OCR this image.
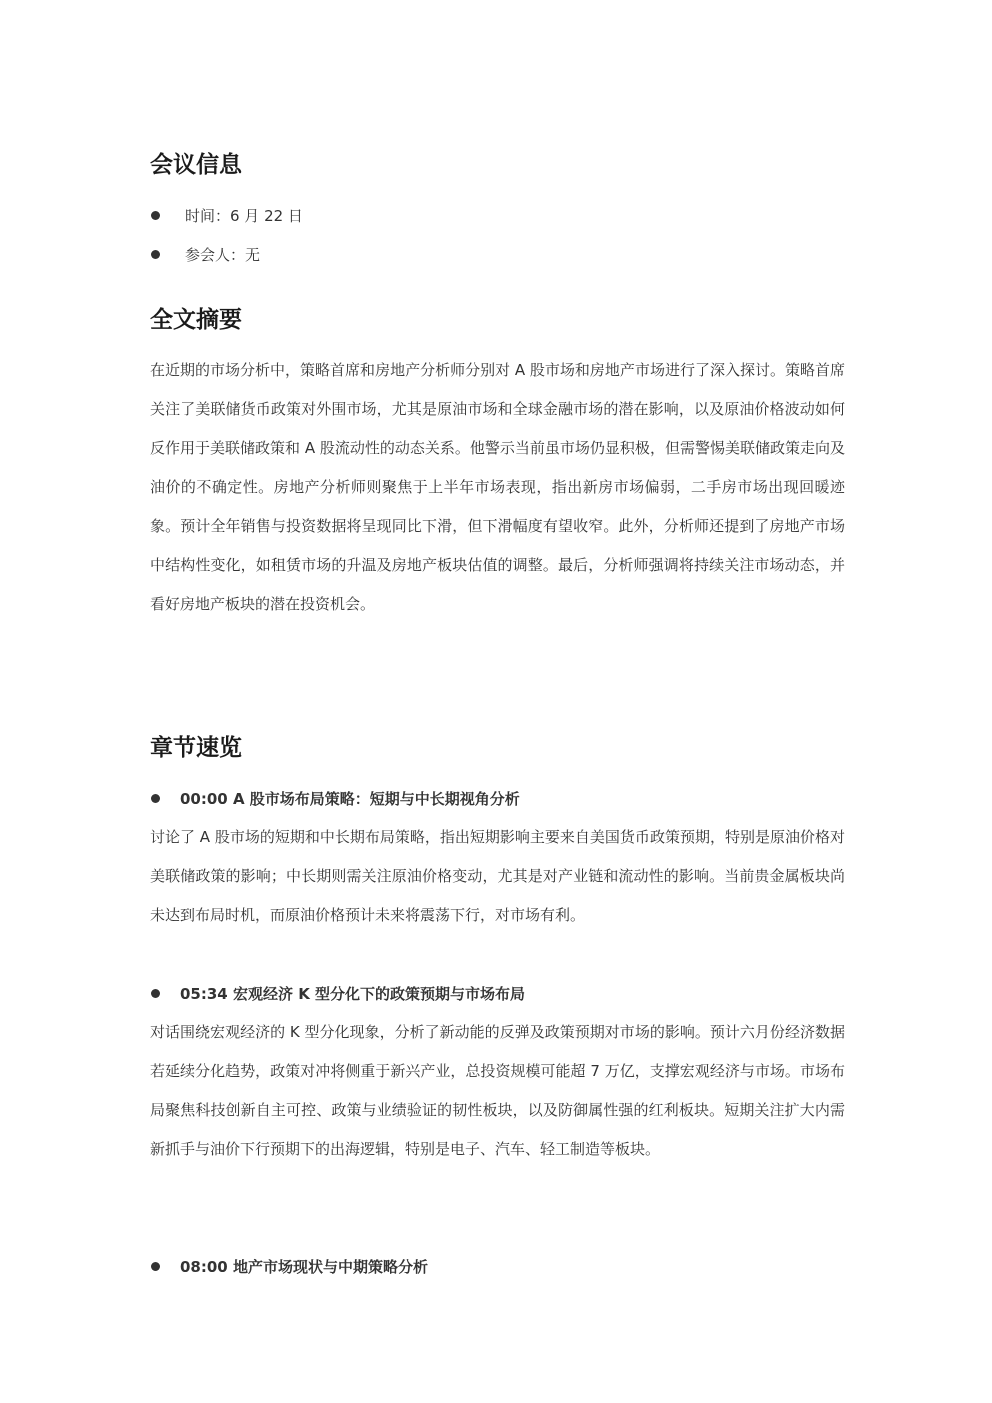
会议信息
时间：6 月 22 日
参会人：无
全文摘要

在近期的市场分析中，策略首席和房地产分析师分别对 A 股市场和房地产市场进行了深入探讨。策略首席关注了美联储货币政策对外围市场，尤其是原油市场和全球金融市场的潜在影响，以及原油价格波动如何反作用于美联储政策和 A 股流动性的动态关系。他警示当前虽市场仍显积极，但需警惕美联储政策走向及油价的不确定性。房地产分析师则聚焦于上半年市场表现，指出新房市场偏弱，二手房市场出现回暖迹象。预计全年销售与投资数据将呈现同比下滑，但下滑幅度有望收窄。此外，分析师还提到了房地产市场中结构性变化，如租赁市场的升温及房地产板块估值的调整。最后，分析师强调将持续关注市场动态，并看好房地产板块的潜在投资机会。

章节速览
00:00 A 股市场布局策略：短期与中长期视角分析

讨论了 A 股市场的短期和中长期布局策略，指出短期影响主要来自美国货币政策预期，特别是原油价格对美联储政策的影响；中长期则需关注原油价格变动，尤其是对产业链和流动性的影响。当前贵金属板块尚未达到布局时机，而原油价格预计未来将震荡下行，对市场有利。

05:34 宏观经济 K 型分化下的政策预期与市场布局

对话围绕宏观经济的 K 型分化现象，分析了新动能的反弹及政策预期对市场的影响。预计六月份经济数据若延续分化趋势，政策对冲将侧重于新兴产业，总投资规模可能超 7 万亿，支撑宏观经济与市场。市场布局聚焦科技创新自主可控、政策与业绩验证的韧性板块，以及防御属性强的红利板块。短期关注扩大内需新抓手与油价下行预期下的出海逻辑，特别是电子、汽车、轻工制造等板块。

08:00 地产市场现状与中期策略分析
